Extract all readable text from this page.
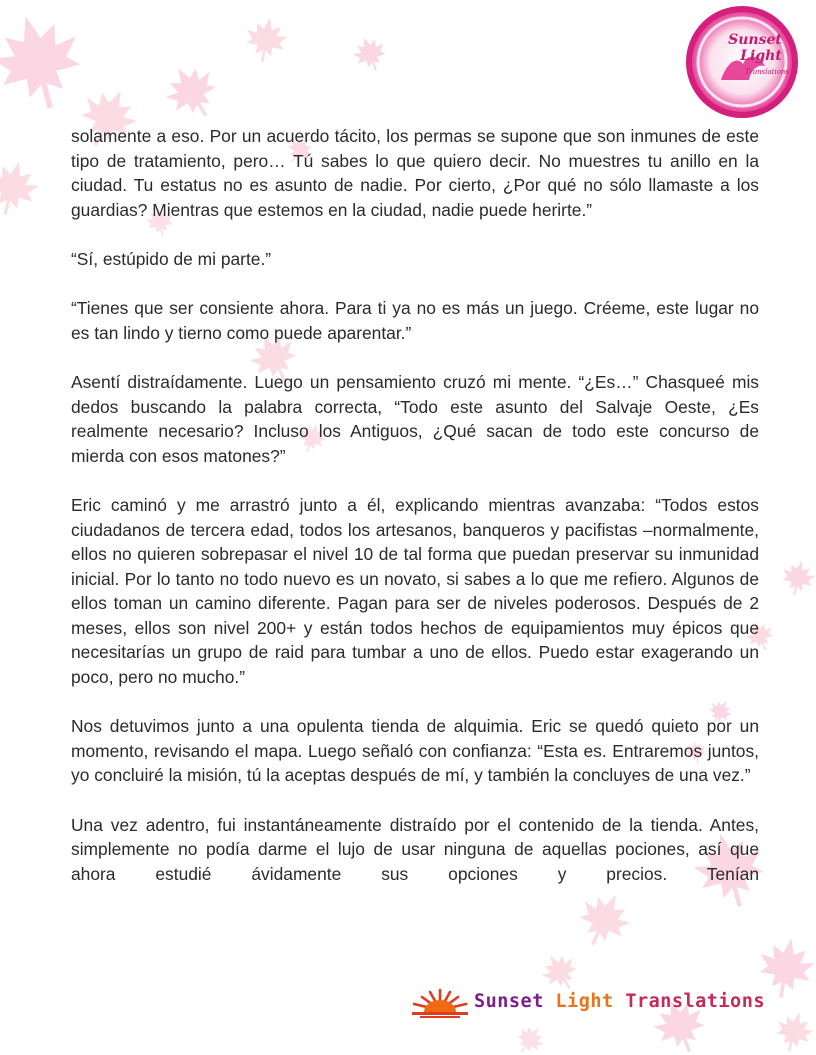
Sunset
Light
Translations

solamente a eso. Por un acuerdo tácito, los permas se supone que son inmunes de este tipo de tratamiento, pero… Tú sabes lo que quiero decir. No muestres tu anillo en la ciudad. Tu estatus no es asunto de nadie. Por cierto, ¿Por qué no sólo llamaste a los guardias? Mientras que estemos en la ciudad, nadie puede herirte.”

“Sí, estúpido de mi parte.”

“Tienes que ser consiente ahora. Para ti ya no es más un juego. Créeme, este lugar no es tan lindo y tierno como puede aparentar.”

Asentí distraídamente. Luego un pensamiento cruzó mi mente. “¿Es…” Chasqueé mis dedos buscando la palabra correcta, “Todo este asunto del Salvaje Oeste, ¿Es realmente necesario? Incluso los Antiguos, ¿Qué sacan de todo este concurso de mierda con esos matones?”

Eric caminó y me arrastró junto a él, explicando mientras avanzaba: “Todos estos ciudadanos de tercera edad, todos los artesanos, banqueros y pacifistas –normalmente, ellos no quieren sobrepasar el nivel 10 de tal forma que puedan preservar su inmunidad inicial. Por lo tanto no todo nuevo es un novato, si sabes a lo que me refiero. Algunos de ellos toman un camino diferente. Pagan para ser de niveles poderosos. Después de 2 meses, ellos son nivel 200+ y están todos hechos de equipamientos muy épicos que necesitarías un grupo de raid para tumbar a uno de ellos. Puedo estar exagerando un poco, pero no mucho.”

Nos detuvimos junto a una opulenta tienda de alquimia. Eric se quedó quieto por un momento, revisando el mapa. Luego señaló con confianza: “Esta es. Entraremos juntos, yo concluiré la misión, tú la aceptas después de mí, y también la concluyes de una vez.”

Una vez adentro, fui instantáneamente distraído por el contenido de la tienda. Antes, simplemente no podía darme el lujo de usar ninguna de aquellas pociones, así que ahora estudié ávidamente sus opciones y precios. Tenían

Sunset Light Translations
